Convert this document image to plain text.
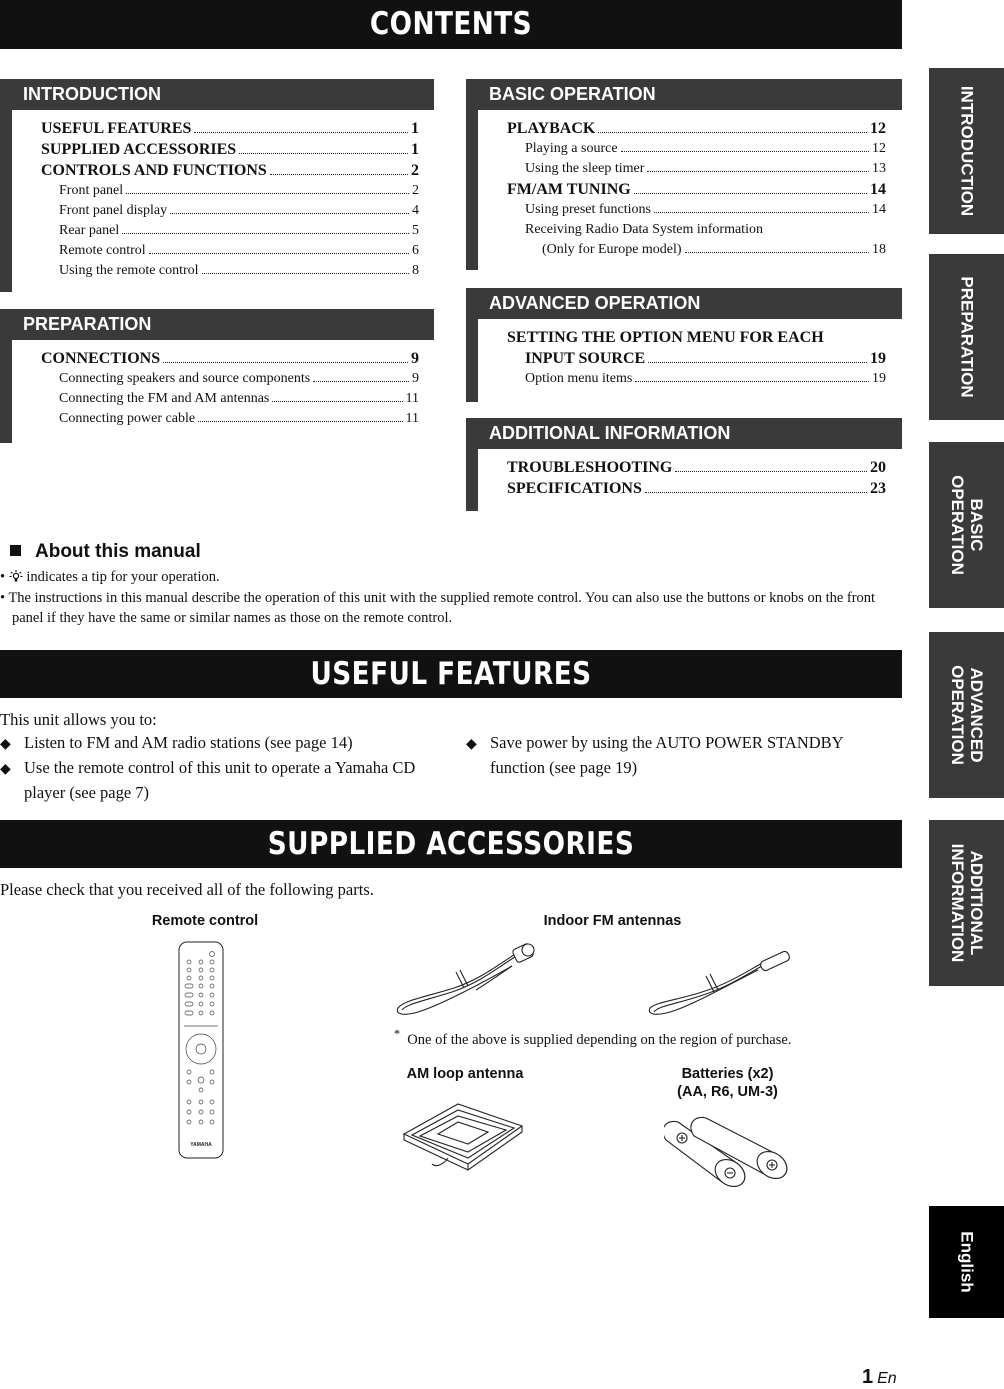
CONTENTS
INTRODUCTION
USEFUL FEATURES	1
SUPPLIED ACCESSORIES	1
CONTROLS AND FUNCTIONS	2
Front panel	2
Front panel display	4
Rear panel	5
Remote control	6
Using the remote control	8
PREPARATION
CONNECTIONS	9
Connecting speakers and source components	9
Connecting the FM and AM antennas	11
Connecting power cable	11
BASIC OPERATION
PLAYBACK	12
Playing a source	12
Using the sleep timer	13
FM/AM TUNING	14
Using preset functions	14
Receiving Radio Data System information
(Only for Europe model)	18
ADVANCED OPERATION
SETTING THE OPTION MENU FOR EACH
INPUT SOURCE	19
Option menu items	19
ADDITIONAL INFORMATION
TROUBLESHOOTING	20
SPECIFICATIONS	23
About this manual
•  indicates a tip for your operation.
• The instructions in this manual describe the operation of this unit with the supplied remote control. You can also use the buttons or knobs on the front panel if they have the same or similar names as those on the remote control.
USEFUL FEATURES
This unit allows you to:
◆ Listen to FM and AM radio stations (see page 14)
◆ Use the remote control of this unit to operate a Yamaha CD player (see page 7)
◆ Save power by using the AUTO POWER STANDBY function (see page 19)
SUPPLIED ACCESSORIES
Please check that you received all of the following parts.
Remote control	Indoor FM antennas
AM loop antenna	Batteries (x2)
(AA, R6, UM-3)
* One of the above is supplied depending on the region of purchase.
YAMAHA
INTRODUCTION
PREPARATION
BASIC
OPERATION
ADVANCED
OPERATION
ADDITIONAL
INFORMATION
English
1 En
